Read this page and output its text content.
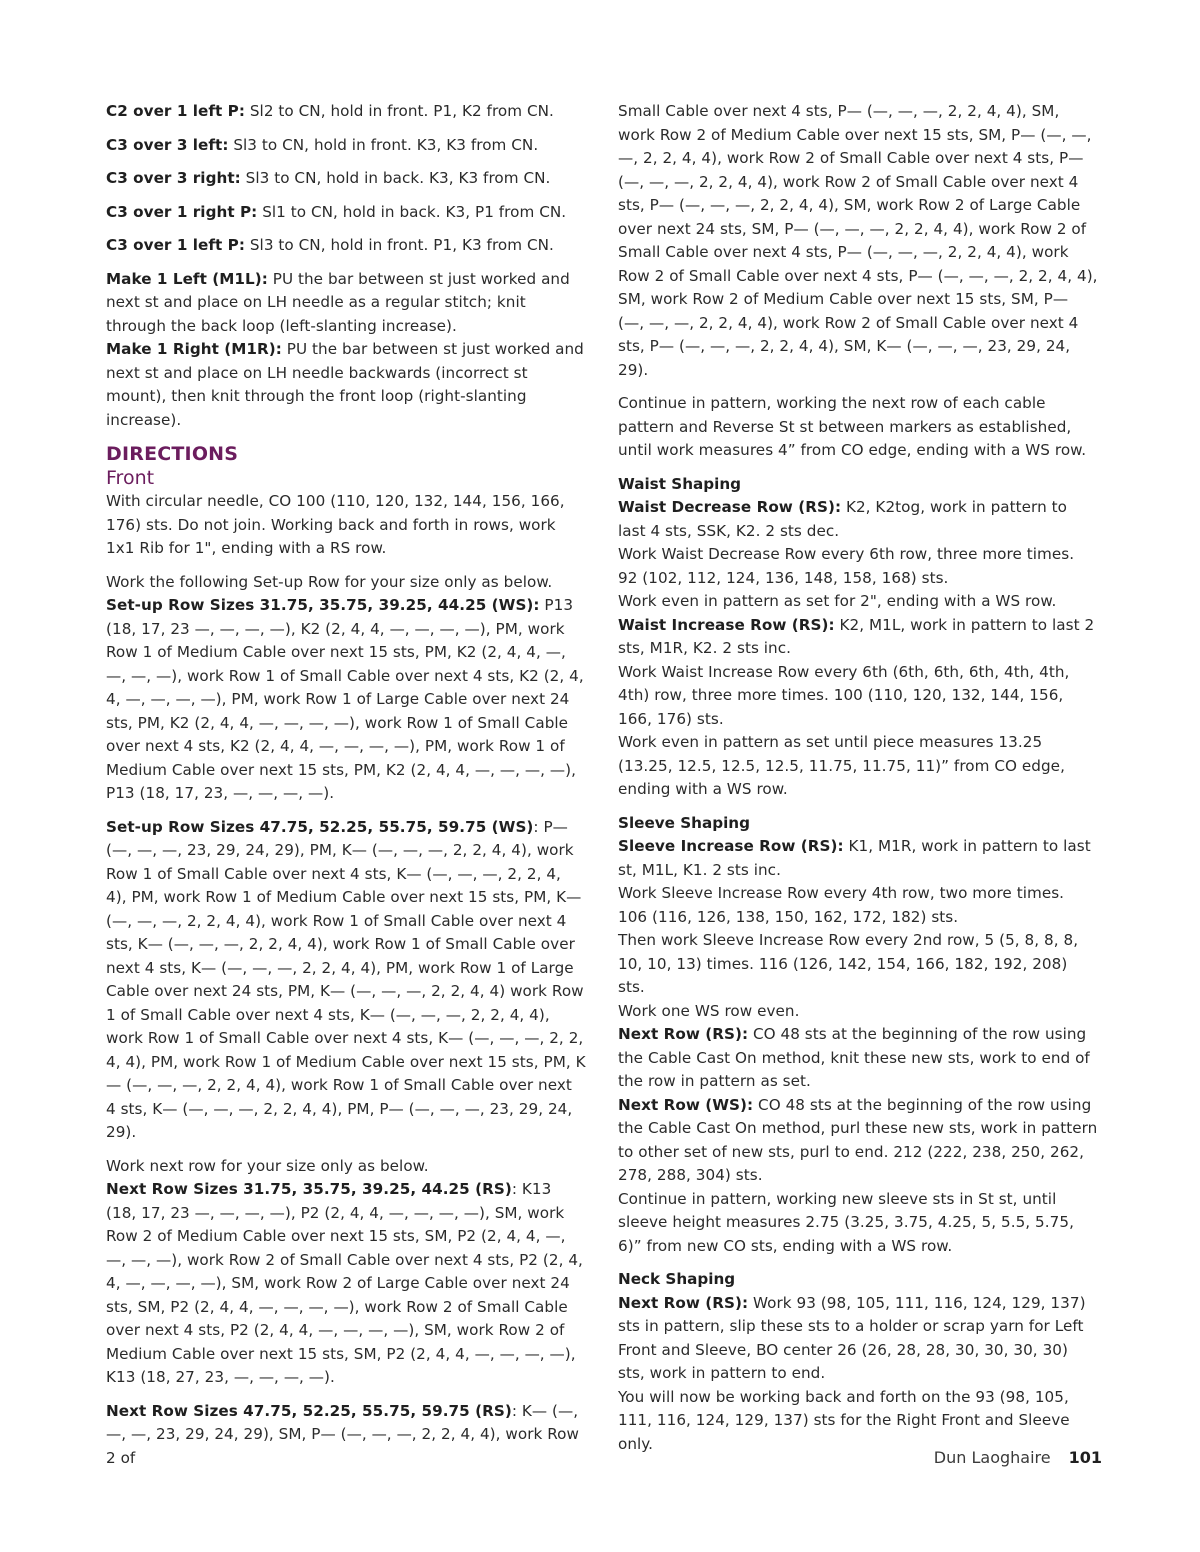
C2 over 1 left P: Sl2 to CN, hold in front. P1, K2 from CN.

C3 over 3 left: Sl3 to CN, hold in front. K3, K3 from CN.

C3 over 3 right: Sl3 to CN, hold in back. K3, K3 from CN.

C3 over 1 right P: Sl1 to CN, hold in back. K3, P1 from CN.

C3 over 1 left P: Sl3 to CN, hold in front. P1, K3 from CN.

Make 1 Left (M1L): PU the bar between st just worked and next st and place on LH needle as a regular stitch; knit through the back loop (left-slanting increase).

Make 1 Right (M1R): PU the bar between st just worked and next st and place on LH needle backwards (incorrect st mount), then knit through the front loop (right-slanting increase).

DIRECTIONS
Front

With circular needle, CO 100 (110, 120, 132, 144, 156, 166, 176) sts. Do not join. Working back and forth in rows, work 1x1 Rib for 1", ending with a RS row.

Work the following Set-up Row for your size only as below.

Set-up Row Sizes 31.75, 35.75, 39.25, 44.25 (WS): P13 (18, 17, 23 —, —, —, —), K2 (2, 4, 4, —, —, —, —), PM, work Row 1 of Medium Cable over next 15 sts, PM, K2 (2, 4, 4, —, —, —, —), work Row 1 of Small Cable over next 4 sts, K2 (2, 4, 4, —, —, —, —), PM, work Row 1 of Large Cable over next 24 sts, PM, K2 (2, 4, 4, —, —, —, —), work Row 1 of Small Cable over next 4 sts, K2 (2, 4, 4, —, —, —, —), PM, work Row 1 of Medium Cable over next 15 sts, PM, K2 (2, 4, 4, —, —, —, —), P13 (18, 17, 23, —, —, —, —).

Set-up Row Sizes 47.75, 52.25, 55.75, 59.75 (WS): P— (—, —, —, 23, 29, 24, 29), PM, K— (—, —, —, 2, 2, 4, 4), work Row 1 of Small Cable over next 4 sts, K— (—, —, —, 2, 2, 4, 4), PM, work Row 1 of Medium Cable over next 15 sts, PM, K— (—, —, —, 2, 2, 4, 4), work Row 1 of Small Cable over next 4 sts, K— (—, —, —, 2, 2, 4, 4), work Row 1 of Small Cable over next 4 sts, K— (—, —, —, 2, 2, 4, 4), PM, work Row 1 of Large Cable over next 24 sts, PM, K— (—, —, —, 2, 2, 4, 4) work Row 1 of Small Cable over next 4 sts, K— (—, —, —, 2, 2, 4, 4), work Row 1 of Small Cable over next 4 sts, K— (—, —, —, 2, 2, 4, 4), PM, work Row 1 of Medium Cable over next 15 sts, PM, K— (—, —, —, 2, 2, 4, 4), work Row 1 of Small Cable over next 4 sts, K— (—, —, —, 2, 2, 4, 4), PM, P— (—, —, —, 23, 29, 24, 29).

Work next row for your size only as below.

Next Row Sizes 31.75, 35.75, 39.25, 44.25 (RS): K13 (18, 17, 23 —, —, —, —), P2 (2, 4, 4, —, —, —, —), SM, work Row 2 of Medium Cable over next 15 sts, SM, P2 (2, 4, 4, —, —, —, —), work Row 2 of Small Cable over next 4 sts, P2 (2, 4, 4, —, —, —, —), SM, work Row 2 of Large Cable over next 24 sts, SM, P2 (2, 4, 4, —, —, —, —), work Row 2 of Small Cable over next 4 sts, P2 (2, 4, 4, —, —, —, —), SM, work Row 2 of Medium Cable over next 15 sts, SM, P2 (2, 4, 4, —, —, —, —), K13 (18, 27, 23, —, —, —, —).

Next Row Sizes 47.75, 52.25, 55.75, 59.75 (RS): K— (—, —, —, 23, 29, 24, 29), SM, P— (—, —, —, 2, 2, 4, 4), work Row 2 of

Small Cable over next 4 sts, P— (—, —, —, 2, 2, 4, 4), SM, work Row 2 of Medium Cable over next 15 sts, SM, P— (—, —, —, 2, 2, 4, 4), work Row 2 of Small Cable over next 4 sts, P— (—, —, —, 2, 2, 4, 4), work Row 2 of Small Cable over next 4 sts, P— (—, —, —, 2, 2, 4, 4), SM, work Row 2 of Large Cable over next 24 sts, SM, P— (—, —, —, 2, 2, 4, 4), work Row 2 of Small Cable over next 4 sts, P— (—, —, —, 2, 2, 4, 4), work Row 2 of Small Cable over next 4 sts, P— (—, —, —, 2, 2, 4, 4), SM, work Row 2 of Medium Cable over next 15 sts, SM, P— (—, —, —, 2, 2, 4, 4), work Row 2 of Small Cable over next 4 sts, P— (—, —, —, 2, 2, 4, 4), SM, K— (—, —, —, 23, 29, 24, 29).

Continue in pattern, working the next row of each cable pattern and Reverse St st between markers as established, until work measures 4” from CO edge, ending with a WS row.

Waist Shaping

Waist Decrease Row (RS): K2, K2tog, work in pattern to last 4 sts, SSK, K2. 2 sts dec.

Work Waist Decrease Row every 6th row, three more times. 92 (102, 112, 124, 136, 148, 158, 168) sts.

Work even in pattern as set for 2", ending with a WS row.

Waist Increase Row (RS): K2, M1L, work in pattern to last 2 sts, M1R, K2. 2 sts inc.

Work Waist Increase Row every 6th (6th, 6th, 6th, 4th, 4th, 4th) row, three more times. 100 (110, 120, 132, 144, 156, 166, 176) sts.

Work even in pattern as set until piece measures 13.25 (13.25, 12.5, 12.5, 12.5, 11.75, 11.75, 11)” from CO edge, ending with a WS row.

Sleeve Shaping

Sleeve Increase Row (RS): K1, M1R, work in pattern to last st, M1L, K1. 2 sts inc.

Work Sleeve Increase Row every 4th row, two more times. 106 (116, 126, 138, 150, 162, 172, 182) sts.

Then work Sleeve Increase Row every 2nd row, 5 (5, 8, 8, 8, 10, 10, 13) times. 116 (126, 142, 154, 166, 182, 192, 208) sts.

Work one WS row even.

Next Row (RS): CO 48 sts at the beginning of the row using the Cable Cast On method, knit these new sts, work to end of the row in pattern as set.

Next Row (WS): CO 48 sts at the beginning of the row using the Cable Cast On method, purl these new sts, work in pattern to other set of new sts, purl to end. 212 (222, 238, 250, 262, 278, 288, 304) sts.

Continue in pattern, working new sleeve sts in St st, until sleeve height measures 2.75 (3.25, 3.75, 4.25, 5, 5.5, 5.75, 6)” from new CO sts, ending with a WS row.

Neck Shaping

Next Row (RS): Work 93 (98, 105, 111, 116, 124, 129, 137) sts in pattern, slip these sts to a holder or scrap yarn for Left Front and Sleeve, BO center 26 (26, 28, 28, 30, 30, 30, 30) sts, work in pattern to end.

You will now be working back and forth on the 93 (98, 105, 111, 116, 124, 129, 137) sts for the Right Front and Sleeve only.

Dun Laoghaire 101
